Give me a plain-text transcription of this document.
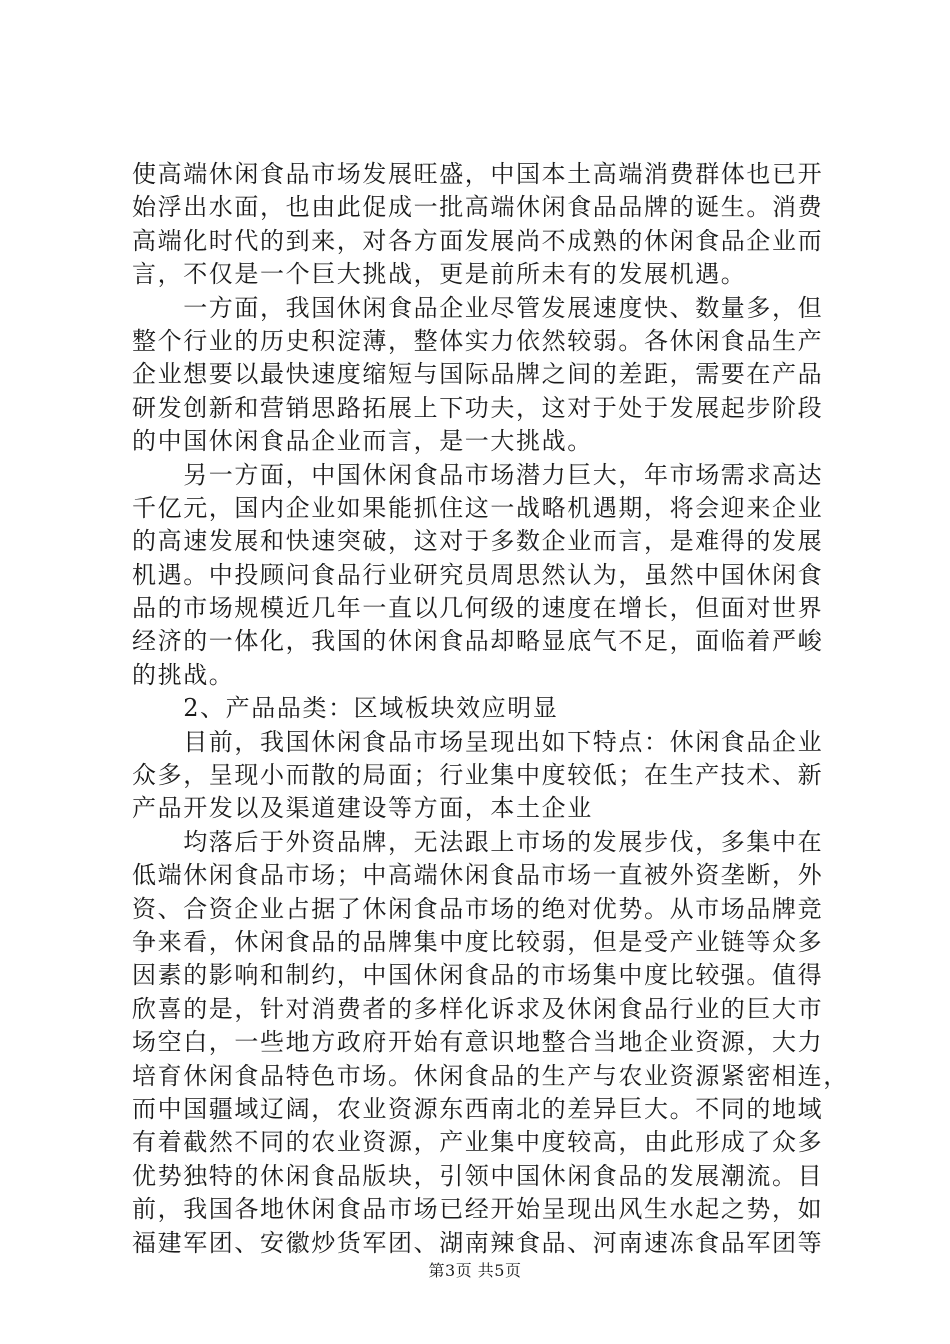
使高端休闲食品市场发展旺盛，中国本土高端消费群体也已开
始浮出水面，也由此促成一批高端休闲食品品牌的诞生。消费
高端化时代的到来，对各方面发展尚不成熟的休闲食品企业而
言，不仅是一个巨大挑战，更是前所未有的发展机遇。
　　一方面，我国休闲食品企业尽管发展速度快、数量多，但
整个行业的历史积淀薄，整体实力依然较弱。各休闲食品生产
企业想要以最快速度缩短与国际品牌之间的差距，需要在产品
研发创新和营销思路拓展上下功夫，这对于处于发展起步阶段
的中国休闲食品企业而言，是一大挑战。
　　另一方面，中国休闲食品市场潜力巨大，年市场需求高达
千亿元，国内企业如果能抓住这一战略机遇期，将会迎来企业
的高速发展和快速突破，这对于多数企业而言，是难得的发展
机遇。中投顾问食品行业研究员周思然认为，虽然中国休闲食
品的市场规模近几年一直以几何级的速度在增长，但面对世界
经济的一体化，我国的休闲食品却略显底气不足，面临着严峻
的挑战。
　　2、产品品类：区域板块效应明显
　　目前，我国休闲食品市场呈现出如下特点：休闲食品企业
众多，呈现小而散的局面；行业集中度较低；在生产技术、新
产品开发以及渠道建设等方面，本土企业
　　均落后于外资品牌，无法跟上市场的发展步伐，多集中在
低端休闲食品市场；中高端休闲食品市场一直被外资垄断，外
资、合资企业占据了休闲食品市场的绝对优势。从市场品牌竞
争来看，休闲食品的品牌集中度比较弱，但是受产业链等众多
因素的影响和制约，中国休闲食品的市场集中度比较强。值得
欣喜的是，针对消费者的多样化诉求及休闲食品行业的巨大市
场空白，一些地方政府开始有意识地整合当地企业资源，大力
培育休闲食品特色市场。休闲食品的生产与农业资源紧密相连，
而中国疆域辽阔，农业资源东西南北的差异巨大。不同的地域
有着截然不同的农业资源，产业集中度较高，由此形成了众多
优势独特的休闲食品版块，引领中国休闲食品的发展潮流。目
前，我国各地休闲食品市场已经开始呈现出风生水起之势，如
福建军团、安徽炒货军团、湖南辣食品、河南速冻食品军团等
第3页 共5页
